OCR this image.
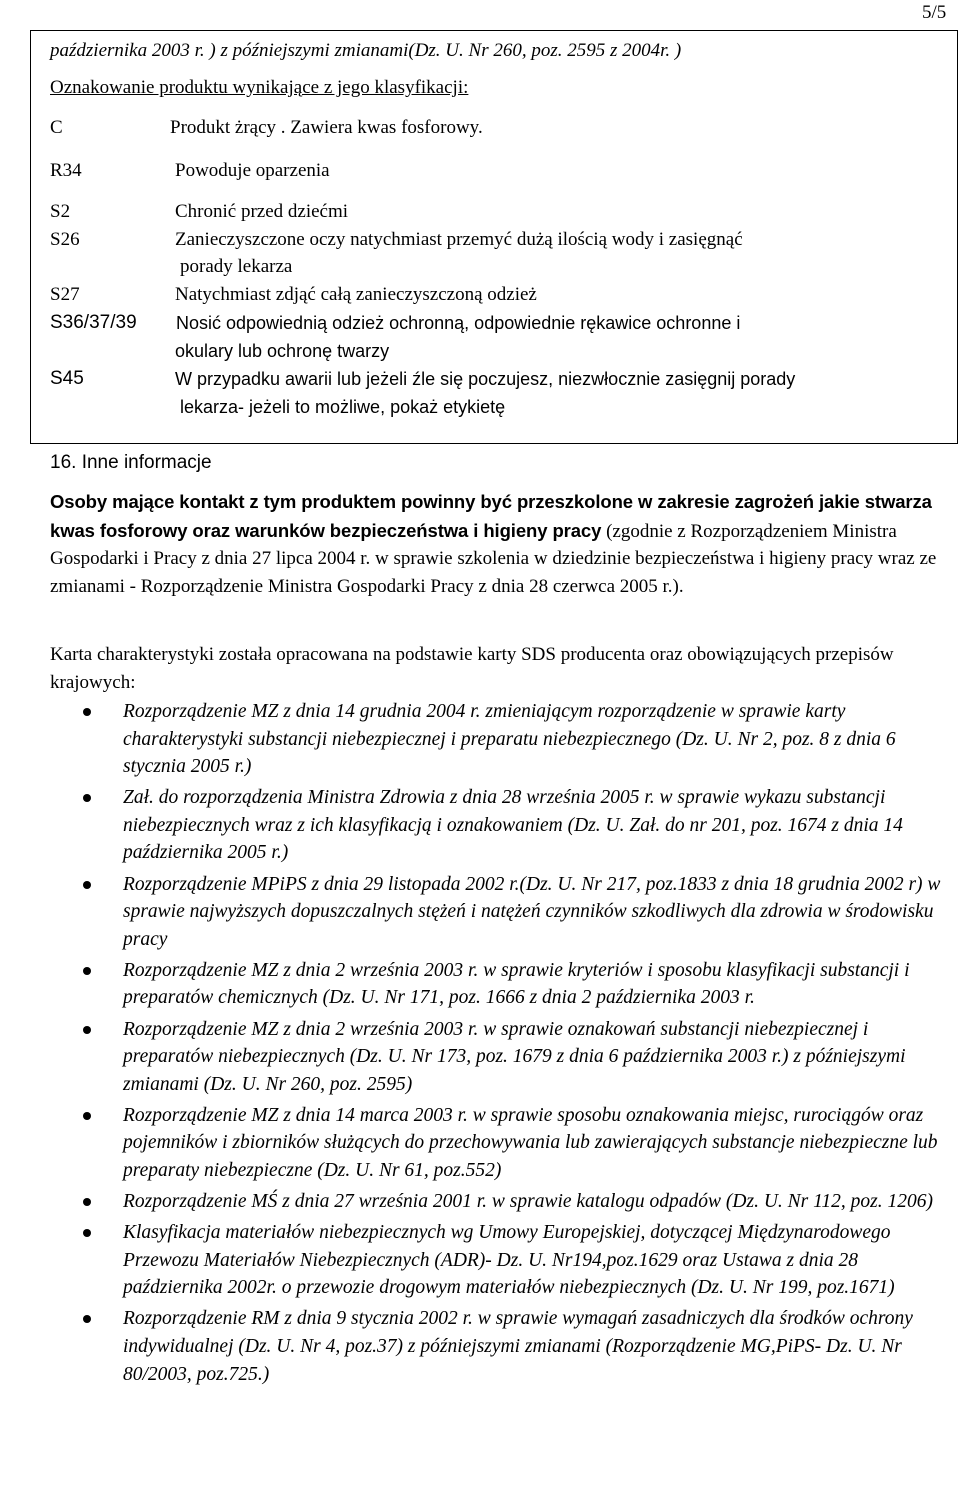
5/5
października 2003 r. ) z późniejszymi zmianami(Dz. U. Nr 260, poz. 2595 z 2004r. )
Oznakowanie produktu wynikające z jego klasyfikacji:
C	Produkt żrący . Zawiera kwas fosforowy.
R34	Powoduje oparzenia
S2	Chronić przed dziećmi
S26	Zanieczyszczone oczy natychmiast przemyć dużą ilością wody i zasięgnąć
porady lekarza
S27	Natychmiast zdjąć całą zanieczyszczoną odzież
S36/37/39 Nosić odpowiednią odzież ochronną, odpowiednie rękawice ochronne i
okulary lub ochronę twarzy
S45	W przypadku awarii lub jeżeli źle się poczujesz, niezwłocznie zasięgnij porady
lekarza- jeżeli to możliwe, pokaż etykietę
16. Inne informacje
Osoby mające kontakt z tym produktem powinny być przeszkolone w zakresie zagrożeń jakie stwarza kwas fosforowy oraz warunków bezpieczeństwa i higieny pracy (zgodnie z Rozporządzeniem Ministra Gospodarki i Pracy z dnia 27 lipca 2004 r. w sprawie szkolenia w dziedzinie bezpieczeństwa i higieny pracy wraz ze zmianami - Rozporządzenie Ministra Gospodarki Pracy z dnia 28 czerwca 2005 r.).
Karta charakterystyki została opracowana na podstawie karty SDS producenta oraz obowiązujących przepisów krajowych:
Rozporządzenie MZ z dnia 14 grudnia 2004 r. zmieniającym rozporządzenie w sprawie karty charakterystyki substancji niebezpiecznej i preparatu niebezpiecznego (Dz. U. Nr 2, poz. 8 z dnia 6 stycznia 2005 r.)
Zał. do rozporządzenia Ministra Zdrowia z dnia 28 września 2005 r. w sprawie wykazu substancji niebezpiecznych wraz z ich klasyfikacją i oznakowaniem (Dz. U. Zał. do nr 201, poz. 1674 z dnia 14 października 2005 r.)
Rozporządzenie MPiPS z dnia 29 listopada 2002 r.(Dz. U. Nr 217, poz.1833 z dnia 18 grudnia 2002 r) w sprawie najwyższych dopuszczalnych stężeń i natężeń czynników szkodliwych dla zdrowia w środowisku pracy
Rozporządzenie MZ z dnia 2 września 2003 r. w sprawie kryteriów i sposobu klasyfikacji substancji i preparatów chemicznych (Dz. U. Nr 171, poz. 1666 z dnia 2 października 2003 r.
Rozporządzenie MZ z dnia 2 września 2003 r. w sprawie oznakowań substancji niebezpiecznej i preparatów niebezpiecznych (Dz. U. Nr 173, poz. 1679 z dnia 6 października 2003 r.) z późniejszymi zmianami (Dz. U. Nr 260, poz. 2595)
Rozporządzenie MZ z dnia 14 marca 2003 r. w sprawie sposobu oznakowania miejsc, rurociągów oraz pojemników i zbiorników służących do przechowywania lub zawierających substancje niebezpieczne lub preparaty niebezpieczne (Dz. U. Nr 61, poz.552)
Rozporządzenie MŚ z dnia 27 września 2001 r. w sprawie katalogu odpadów (Dz. U. Nr 112, poz. 1206)
Klasyfikacja materiałów niebezpiecznych wg Umowy Europejskiej, dotyczącej Międzynarodowego Przewozu Materiałów Niebezpiecznych (ADR)- Dz. U. Nr194,poz.1629 oraz Ustawa z dnia 28 października 2002r. o przewozie drogowym materiałów niebezpiecznych (Dz. U. Nr 199, poz.1671)
Rozporządzenie RM z dnia 9 stycznia 2002 r. w sprawie wymagań zasadniczych dla środków ochrony indywidualnej (Dz. U. Nr 4, poz.37) z późniejszymi zmianami (Rozporządzenie MG,PiPS- Dz. U. Nr 80/2003, poz.725.)
